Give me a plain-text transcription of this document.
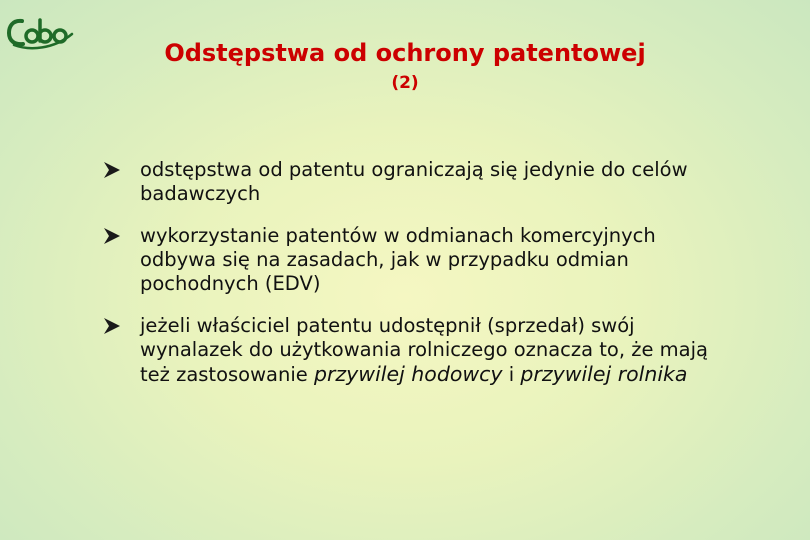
Odstępstwa od ochrony patentowej
(2)
odstępstwa od patentu ograniczają się jedynie do celów badawczych
wykorzystanie patentów w odmianach komercyjnych odbywa się na zasadach, jak w przypadku odmian pochodnych (EDV)
jeżeli właściciel patentu udostępnił (sprzedał) swój wynalazek do użytkowania rolniczego oznacza to, że mają też zastosowanie przywilej hodowcy i przywilej rolnika
